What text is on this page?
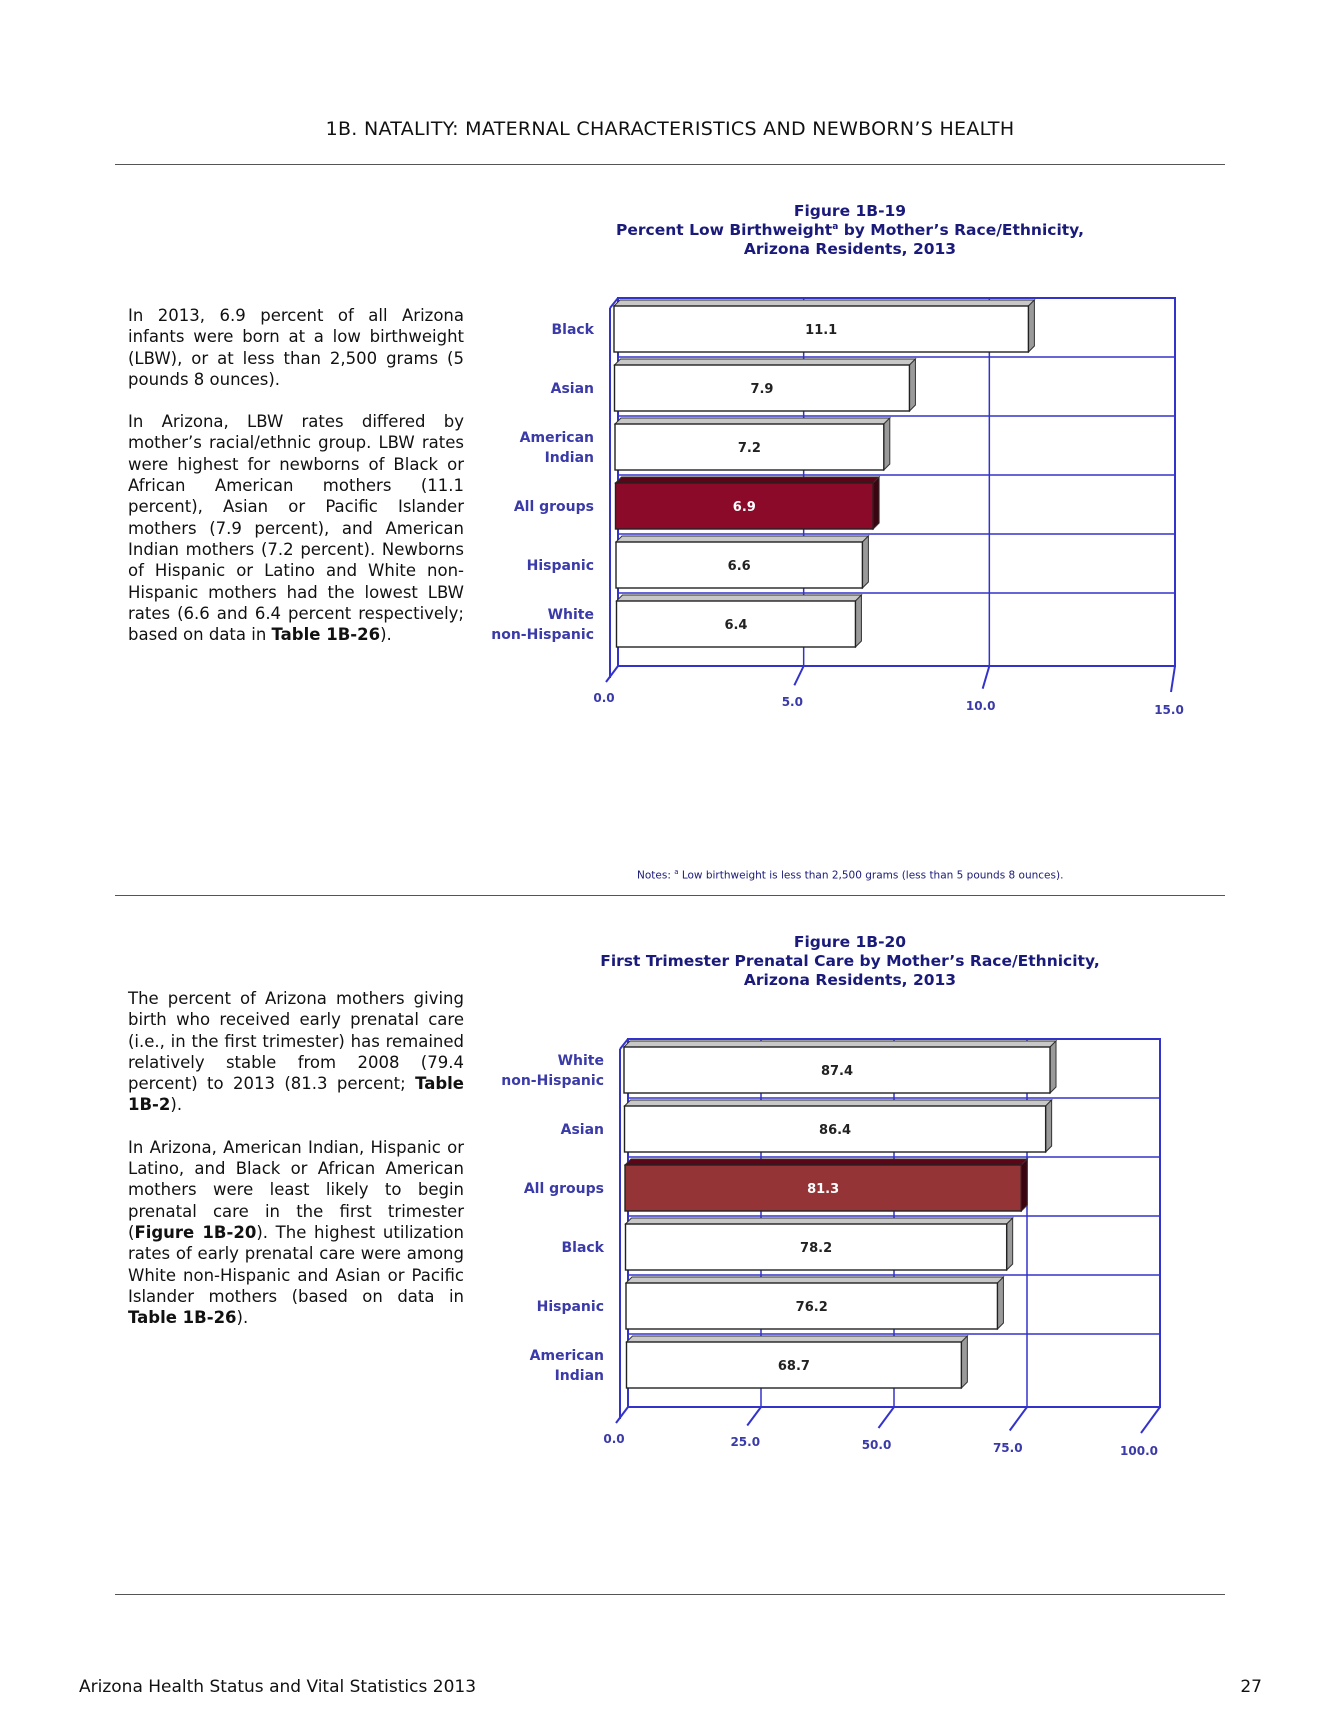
1B. NATALITY: MATERNAL CHARACTERISTICS AND NEWBORN’S HEALTH
Figure 1B-19
Percent Low Birthweight$^a$ by Mother’s Race/Ethnicity,
Arizona Residents, 2013

In 2013, 6.9 percent of all Arizona infants were born at a low birthweight (LBW), or at less than 2,500 grams (5 pounds 8 ounces).

In Arizona, LBW rates differed by mother’s racial/ethnic group. LBW rates were highest for newborns of Black or African American mothers (11.1 percent), Asian or Pacific Islander mothers (7.9 percent), and American Indian mothers (7.2 percent). Newborns of Hispanic or Latino and White non-Hispanic mothers had the lowest LBW rates (6.6 and 6.4 percent respectively; based on data in Table 1B-26).

0.0	5.0	10.0	15.0
11.1
Black
7.9
Asian
7.2
American
Indian
6.9
All groups
6.6
Hispanic
6.4
White
non-Hispanic
Notes: $^a$ Low birthweight is less than 2,500 grams (less than 5 pounds 8 ounces).
Figure 1B-20
First Trimester Prenatal Care by Mother’s Race/Ethnicity,
Arizona Residents, 2013

The percent of Arizona mothers giving birth who received early prenatal care (i.e., in the first trimester) has remained relatively stable from 2008 (79.4 percent) to 2013 (81.3 percent; Table 1B-2).

In Arizona, American Indian, Hispanic or Latino, and Black or African American mothers were least likely to begin prenatal care in the first trimester (Figure 1B-20). The highest utilization rates of early prenatal care were among White non-Hispanic and Asian or Pacific Islander mothers (based on data in Table 1B-26).

0.0	25.0	50.0	75.0	100.0
87.4
White
non-Hispanic
86.4
Asian
81.3
All groups
78.2
Black
76.2
Hispanic
68.7
American
Indian
Arizona Health Status and Vital Statistics 2013	27
